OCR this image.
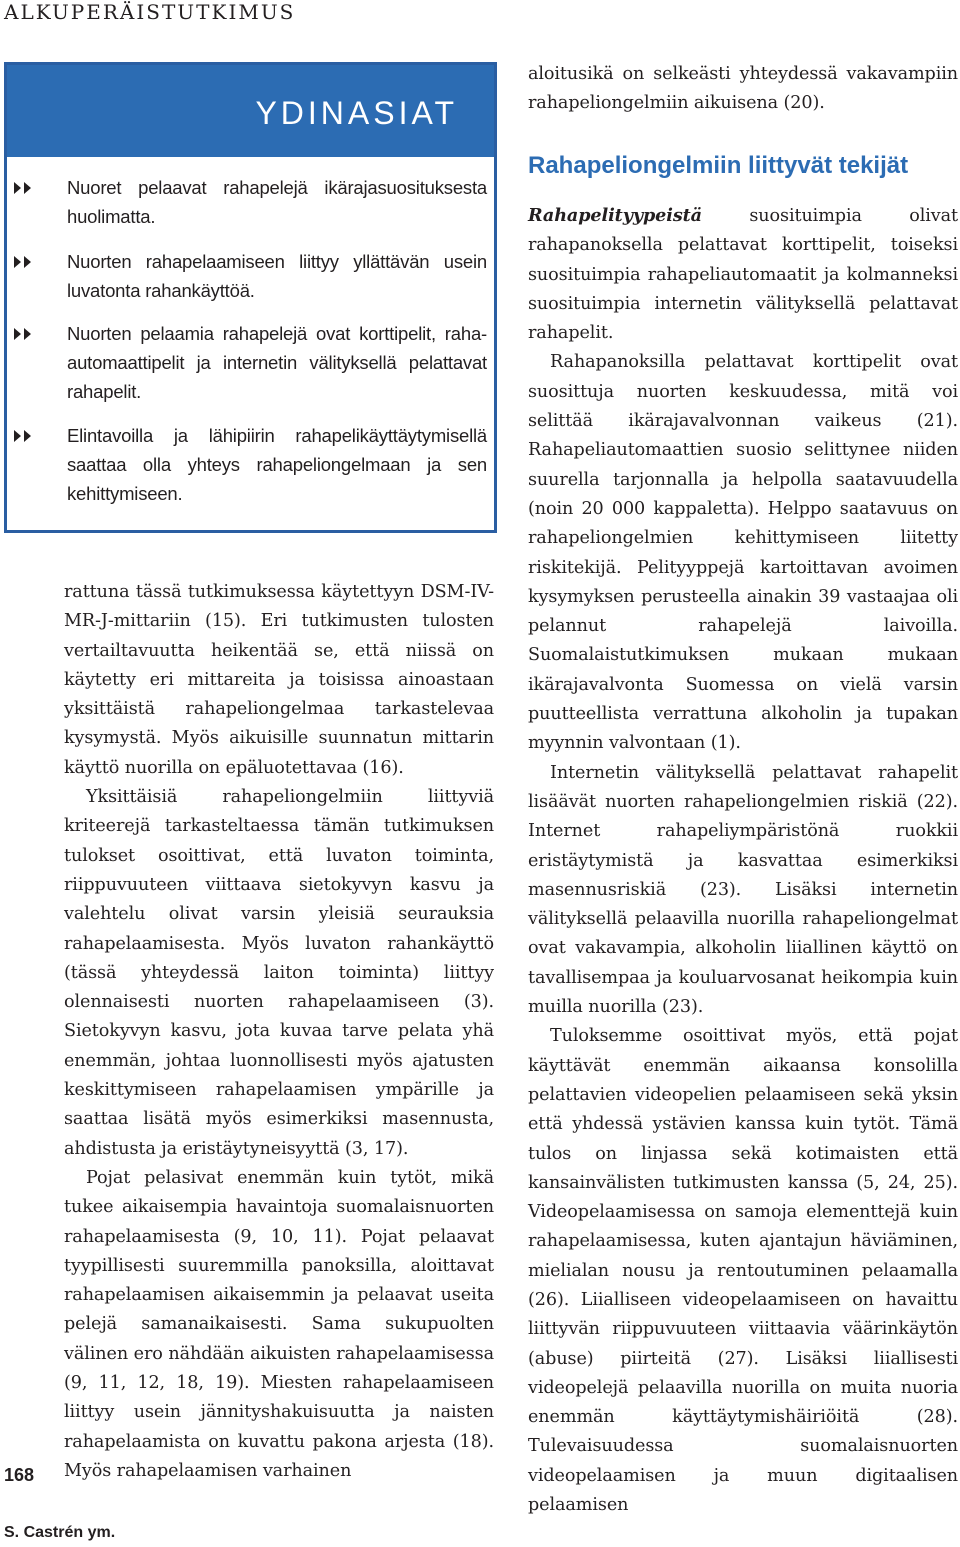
ALKUPERÄISTUTKIMUS
YDINASIAT
Nuoret pelaavat rahapelejä ikärajasuosituksesta huolimatta.
Nuorten rahapelaamiseen liittyy yllättävän usein luvatonta rahankäyttöä.
Nuorten pelaamia rahapelejä ovat korttipelit, raha-automaattipelit ja internetin välityksellä pelattavat rahapelit.
Elintavoilla ja lähipiirin rahapelikäyttäytymisellä saattaa olla yhteys rahapeliongelmaan ja sen kehittymiseen.

rattuna tässä tutkimuksessa käytettyyn DSM-IV-MR-J-mittariin (15). Eri tutkimusten tulosten vertailtavuutta heikentää se, että niissä on käytetty eri mittareita ja toisissa ainoastaan yksittäistä rahapeliongelmaa tarkastelevaa kysymystä. Myös aikuisille suunnatun mittarin käyttö nuorilla on epäluotettavaa (16).

Yksittäisiä rahapeliongelmiin liittyviä kriteerejä tarkasteltaessa tämän tutkimuksen tulokset osoittivat, että luvaton toiminta, riippuvuuteen viittaava sietokyvyn kasvu ja valehtelu olivat varsin yleisiä seurauksia rahapelaamisesta. Myös luvaton rahankäyttö (tässä yhteydessä laiton toiminta) liittyy olennaisesti nuorten rahapelaamiseen (3). Sietokyvyn kasvu, jota kuvaa tarve pelata yhä enemmän, johtaa luonnollisesti myös ajatusten keskittymiseen rahapelaamisen ympärille ja saattaa lisätä myös esimerkiksi masennusta, ahdistusta ja eristäytyneisyyttä (3, 17).

Pojat pelasivat enemmän kuin tytöt, mikä tukee aikaisempia havaintoja suomalaisnuorten rahapelaamisesta (9, 10, 11). Pojat pelaavat tyypillisesti suuremmilla panoksilla, aloittavat rahapelaamisen aikaisemmin ja pelaavat useita pelejä samanaikaisesti. Sama sukupuolten välinen ero nähdään aikuisten rahapelaamisessa (9, 11, 12, 18, 19). Miesten rahapelaamiseen liittyy usein jännityshakuisuutta ja naisten rahapelaamista on kuvattu pakona arjesta (18). Myös rahapelaamisen varhainen

aloitusikä on selkeästi yhteydessä vakavampiin rahapeliongelmiin aikuisena (20).

Rahapeliongelmiin liittyvät tekijät

Rahapelityypeistä suosituimpia olivat rahapanoksella pelattavat korttipelit, toiseksi suosituimpia rahapeliautomaatit ja kolmanneksi suosituimpia internetin välityksellä pelattavat rahapelit.

Rahapanoksilla pelattavat korttipelit ovat suosittuja nuorten keskuudessa, mitä voi selittää ikärajavalvonnan vaikeus (21). Rahapeliautomaattien suosio selittynee niiden suurella tarjonnalla ja helpolla saatavuudella (noin 20 000 kappaletta). Helppo saatavuus on rahapeliongelmien kehittymiseen liitetty riskitekijä. Pelityyppejä kartoittavan avoimen kysymyksen perusteella ainakin 39 vastaajaa oli pelannut rahapelejä laivoilla. Suomalaistutkimuksen mukaan mukaan ikärajavalvonta Suomessa on vielä varsin puutteellista verrattuna alkoholin ja tupakan myynnin valvontaan (1).

Internetin välityksellä pelattavat rahapelit lisäävät nuorten rahapeliongelmien riskiä (22). Internet rahapeliympäristönä ruokkii eristäytymistä ja kasvattaa esimerkiksi masennusriskiä (23). Lisäksi internetin välityksellä pelaavilla nuorilla rahapeliongelmat ovat vakavampia, alkoholin liiallinen käyttö on tavallisempaa ja kouluarvosanat heikompia kuin muilla nuorilla (23).

Tuloksemme osoittivat myös, että pojat käyttävät enemmän aikaansa konsolilla pelattavien videopelien pelaamiseen sekä yksin että yhdessä ystävien kanssa kuin tytöt. Tämä tulos on linjassa sekä kotimaisten että kansainvälisten tutkimusten kanssa (5, 24, 25). Videopelaamisessa on samoja elementtejä kuin rahapelaamisessa, kuten ajantajun häviäminen, mielialan nousu ja rentoutuminen pelaamalla (26). Liialliseen videopelaamiseen on havaittu liittyvän riippuvuuteen viittaavia väärinkäytön (abuse) piirteitä (27). Lisäksi liiallisesti videopelejä pelaavilla nuorilla on muita nuoria enemmän käyttäytymishäiriöitä (28). Tulevaisuudessa suomalaisnuorten videopelaamisen ja muun digitaalisen pelaamisen

168
S. Castrén ym.
